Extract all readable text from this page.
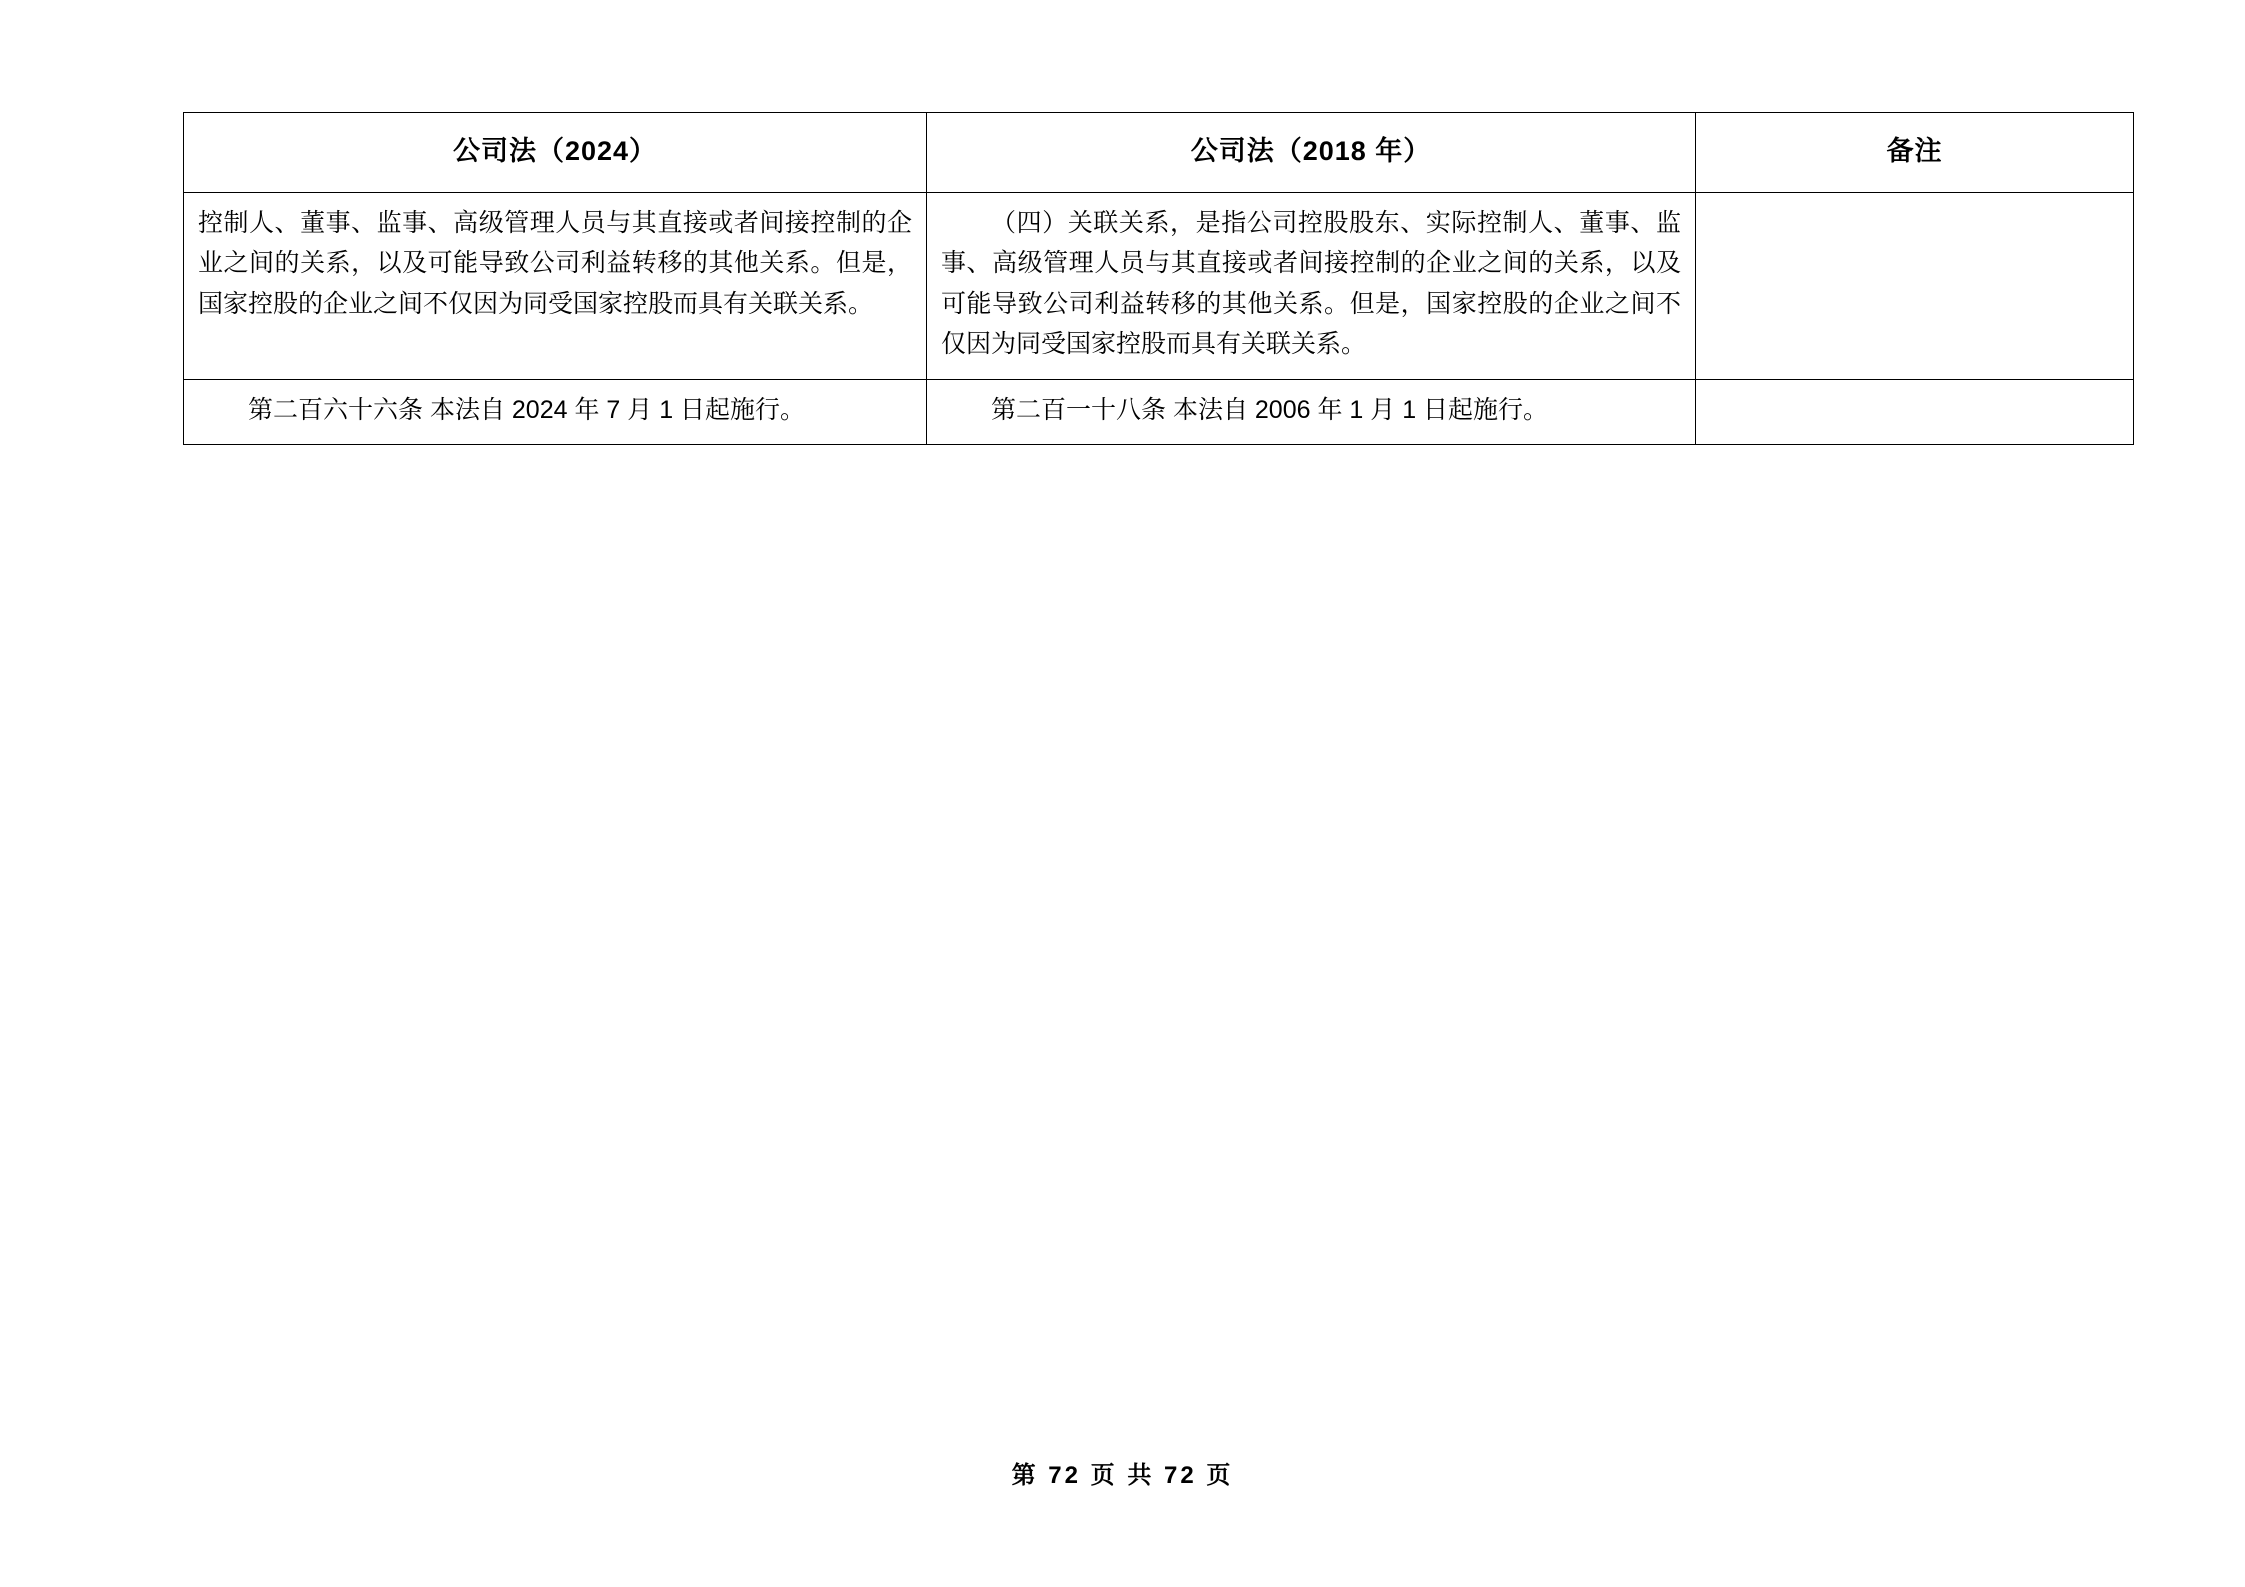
公司法（2024）	公司法（2018 年）	备注

控制人、董事、监事、高级管理人员与其直接或者间接控制的企业之间的关系，以及可能导致公司利益转移的其他关系。但是，国家控股的企业之间不仅因为同受国家控股而具有关联关系。	（四）关联关系，是指公司控股股东、实际控制人、董事、监事、高级管理人员与其直接或者间接控制的企业之间的关系，以及可能导致公司利益转移的其他关系。但是，国家控股的企业之间不仅因为同受国家控股而具有关联关系。	

第二百六十六条 本法自 2024 年 7 月 1 日起施行。	第二百一十八条 本法自 2006 年 1 月 1 日起施行。	

第 72 页 共 72 页
